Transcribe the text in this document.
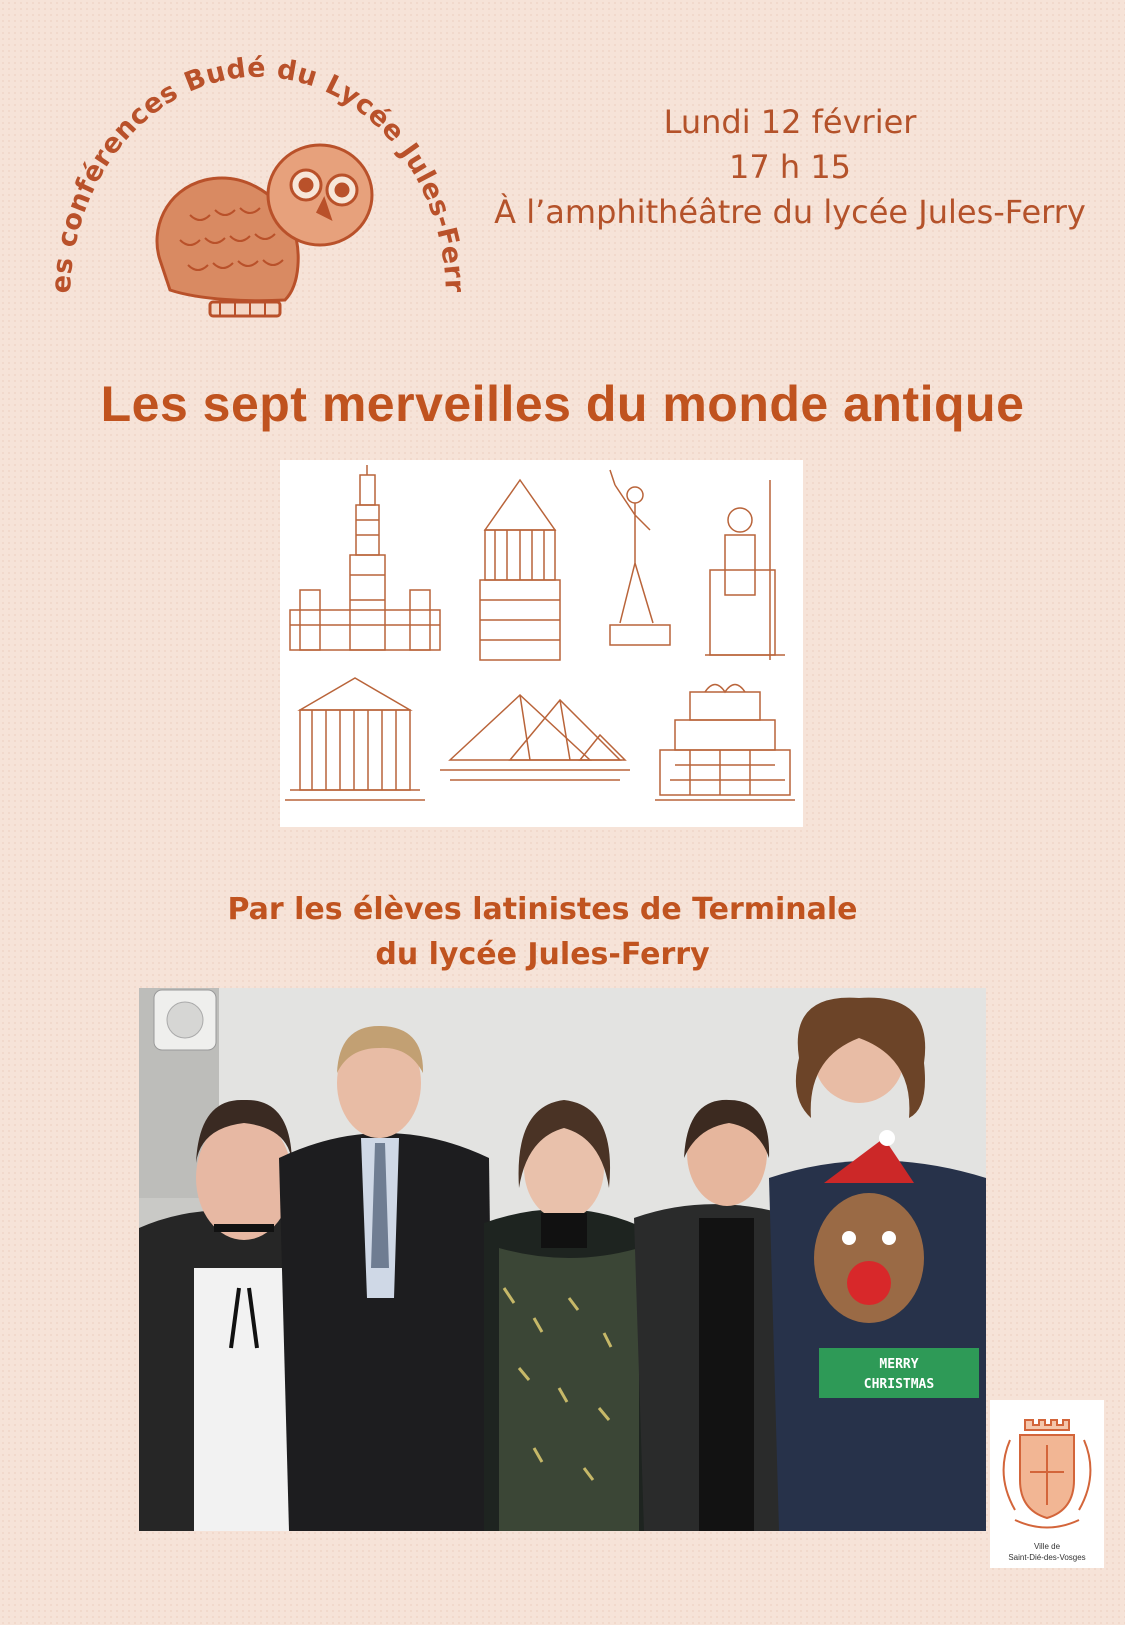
es conférences Budé du Lycée Jules-Ferr
Lundi 12 février
17 h 15
À l’amphithéâtre du lycée Jules-Ferry
Les sept merveilles du monde antique
Par les élèves latinistes de Terminale
du lycée Jules-Ferry
MERRY
CHRISTMAS
Ville de
Saint-Dié-des-Vosges
